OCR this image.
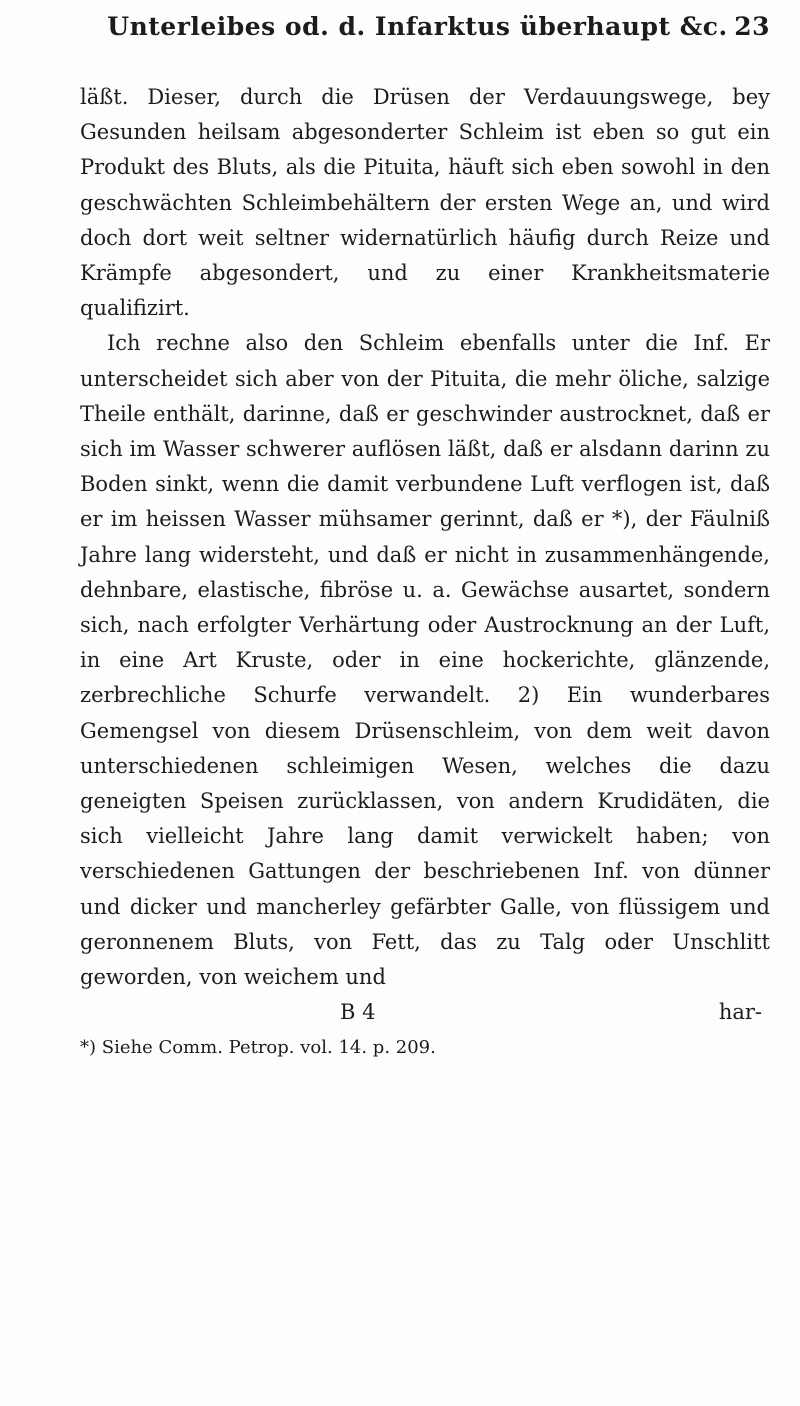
Unterleibes od. d. Infarktus überhaupt &c. 23

läßt. Dieser, durch die Drüsen der Verdauungswege, bey Gesunden heilsam abgesonderter Schleim ist eben so gut ein Produkt des Bluts, als die Pituita, häuft sich eben sowohl in den geschwächten Schleimbehältern der ersten Wege an, und wird doch dort weit seltner widernatürlich häufig durch Reize und Krämpfe abgesondert, und zu einer Krankheitsmaterie qualifizirt.

Ich rechne also den Schleim ebenfalls unter die Inf. Er unterscheidet sich aber von der Pituita, die mehr öliche, salzige Theile enthält, darinne, daß er geschwinder austrocknet, daß er sich im Wasser schwerer auflösen läßt, daß er alsdann darinn zu Boden sinkt, wenn die damit verbundene Luft verflogen ist, daß er im heissen Wasser mühsamer gerinnt, daß er *), der Fäulniß Jahre lang widersteht, und daß er nicht in zusammenhängende, dehnbare, elastische, fibröse u. a. Gewächse ausartet, sondern sich, nach erfolgter Verhärtung oder Austrocknung an der Luft, in eine Art Kruste, oder in eine hockerichte, glänzende, zerbrechliche Schurfe verwandelt. 2) Ein wunderbares Gemengsel von diesem Drüsenschleim, von dem weit davon unterschiedenen schleimigen Wesen, welches die dazu geneigten Speisen zurücklassen, von andern Krudidäten, die sich vielleicht Jahre lang damit verwickelt haben; von verschiedenen Gattungen der beschriebenen Inf. von dünner und dicker und mancherley gefärbter Galle, von flüssigem und geronnenem Bluts, von Fett, das zu Talg oder Unschlitt geworden, von weichem und

B 4	har-
*) Siehe Comm. Petrop. vol. 14. p. 209.
